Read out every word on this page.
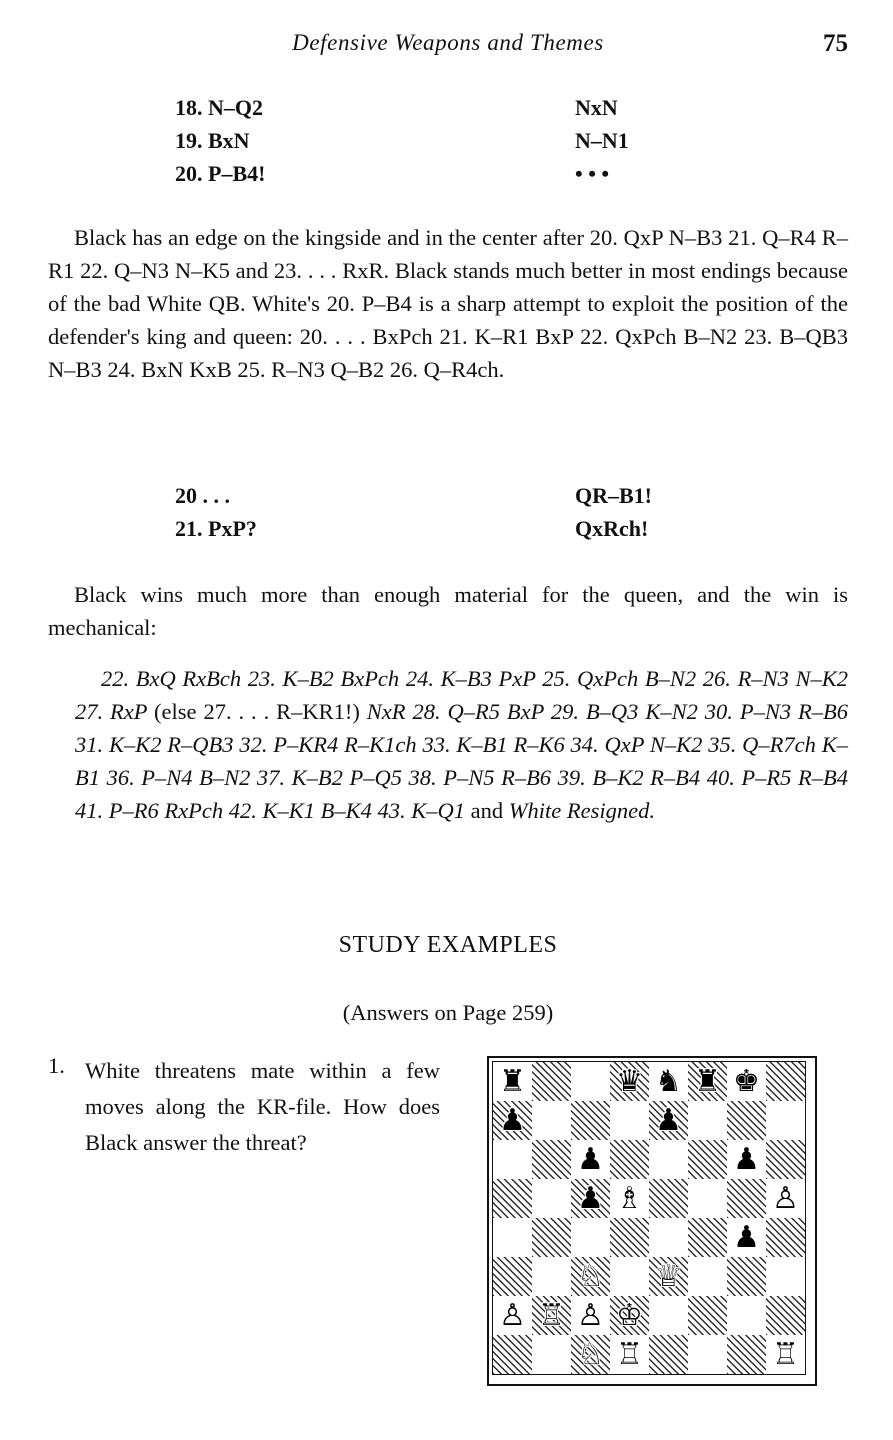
Defensive Weapons and Themes	75
18. N–Q2	NxN
19. BxN	N–N1
20. P–B4!	• • •
Black has an edge on the kingside and in the center after 20. QxP N–B3 21. Q–R4 R–R1 22. Q–N3 N–K5 and 23. . . . RxR. Black stands much better in most endings because of the bad White QB. White's 20. P–B4 is a sharp attempt to exploit the position of the defender's king and queen: 20. . . . BxPch 21. K–R1 BxP 22. QxPch B–N2 23. B–QB3 N–B3 24. BxN KxB 25. R–N3 Q–B2 26. Q–R4ch.
20 . . .	QR–B1!
21. PxP?	QxRch!
Black wins much more than enough material for the queen, and the win is mechanical:
22. BxQ RxBch 23. K–B2 BxPch 24. K–B3 PxP 25. QxPch B–N2 26. R–N3 N–K2 27. RxP (else 27. . . . R–KR1!) NxR 28. Q–R5 BxP 29. B–Q3 K–N2 30. P–N3 R–B6 31. K–K2 R–QB3 32. P–KR4 R–K1ch 33. K–B1 R–K6 34. QxP N–K2 35. Q–R7ch K–B1 36. P–N4 B–N2 37. K–B2 P–Q5 38. P–N5 R–B6 39. B–K2 R–B4 40. P–R5 R–B4 41. P–R6 RxPch 42. K–K1 B–K4 43. K–Q1 and White Resigned.
STUDY EXAMPLES
(Answers on Page 259)
1. White threatens mate within a few moves along the KR-file. How does Black answer the threat?
♜	♛ ♞ ♜ ♚
♟	♟
♟	♟
♟ ♗	♙
♟
♘ ♕
♙ ♖ ♙ ♔
♘ ♖	♖
